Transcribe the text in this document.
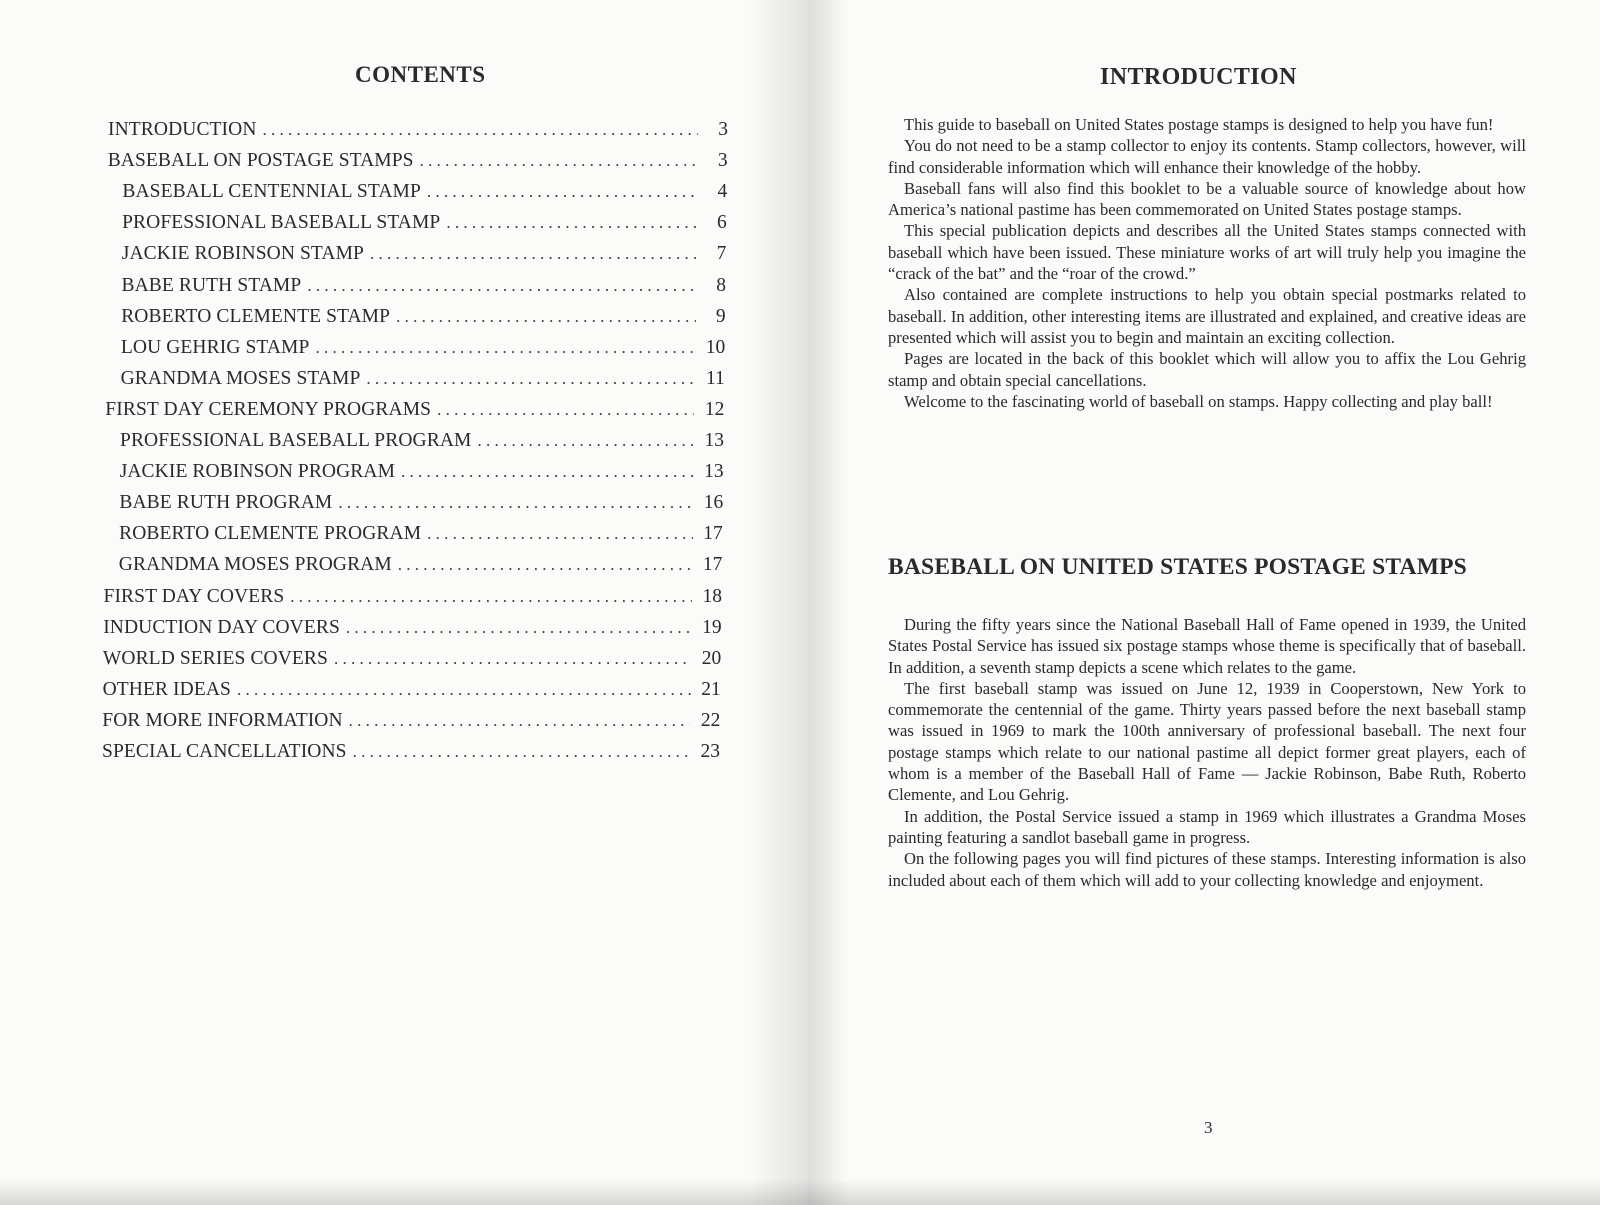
CONTENTS
INTRODUCTION . . .	3
BASEBALL ON POSTAGE STAMPS . . .	3
BASEBALL CENTENNIAL STAMP . . .	4
PROFESSIONAL BASEBALL STAMP . . .	6
JACKIE ROBINSON STAMP . . .	7
BABE RUTH STAMP . . .	8
ROBERTO CLEMENTE STAMP . . .	9
LOU GEHRIG STAMP . . .	10
GRANDMA MOSES STAMP . . .	11
FIRST DAY CEREMONY PROGRAMS . . .	12
PROFESSIONAL BASEBALL PROGRAM . . .	13
JACKIE ROBINSON PROGRAM . . .	13
BABE RUTH PROGRAM . . .	16
ROBERTO CLEMENTE PROGRAM . . .	17
GRANDMA MOSES PROGRAM . . .	17
FIRST DAY COVERS . . .	18
INDUCTION DAY COVERS . . .	19
WORLD SERIES COVERS . . .	20
OTHER IDEAS . . .	21
FOR MORE INFORMATION . . .	22
SPECIAL CANCELLATIONS . . .	23
INTRODUCTION

This guide to baseball on United States postage stamps is designed to help you have fun!

You do not need to be a stamp collector to enjoy its contents. Stamp collectors, however, will find considerable information which will enhance their knowledge of the hobby.

Baseball fans will also find this booklet to be a valuable source of knowledge about how America’s national pastime has been commemorated on United States postage stamps.

This special publication depicts and describes all the United States stamps connected with baseball which have been issued. These miniature works of art will truly help you imagine the “crack of the bat” and the “roar of the crowd.”

Also contained are complete instructions to help you obtain special postmarks related to baseball. In addition, other interesting items are illustrated and explained, and creative ideas are presented which will assist you to begin and maintain an exciting collection.

Pages are located in the back of this booklet which will allow you to affix the Lou Gehrig stamp and obtain special cancellations.

Welcome to the fascinating world of baseball on stamps. Happy collecting and play ball!

BASEBALL ON UNITED STATES POSTAGE STAMPS

During the fifty years since the National Baseball Hall of Fame opened in 1939, the United States Postal Service has issued six postage stamps whose theme is specifically that of baseball. In addition, a seventh stamp depicts a scene which relates to the game.

The first baseball stamp was issued on June 12, 1939 in Cooperstown, New York to commemorate the centennial of the game. Thirty years passed before the next baseball stamp was issued in 1969 to mark the 100th anniversary of professional baseball. The next four postage stamps which relate to our national pastime all depict former great players, each of whom is a member of the Baseball Hall of Fame — Jackie Robinson, Babe Ruth, Roberto Clemente, and Lou Gehrig.

In addition, the Postal Service issued a stamp in 1969 which illustrates a Grandma Moses painting featuring a sandlot baseball game in progress.

On the following pages you will find pictures of these stamps. Interesting information is also included about each of them which will add to your collecting knowledge and enjoyment.

3
